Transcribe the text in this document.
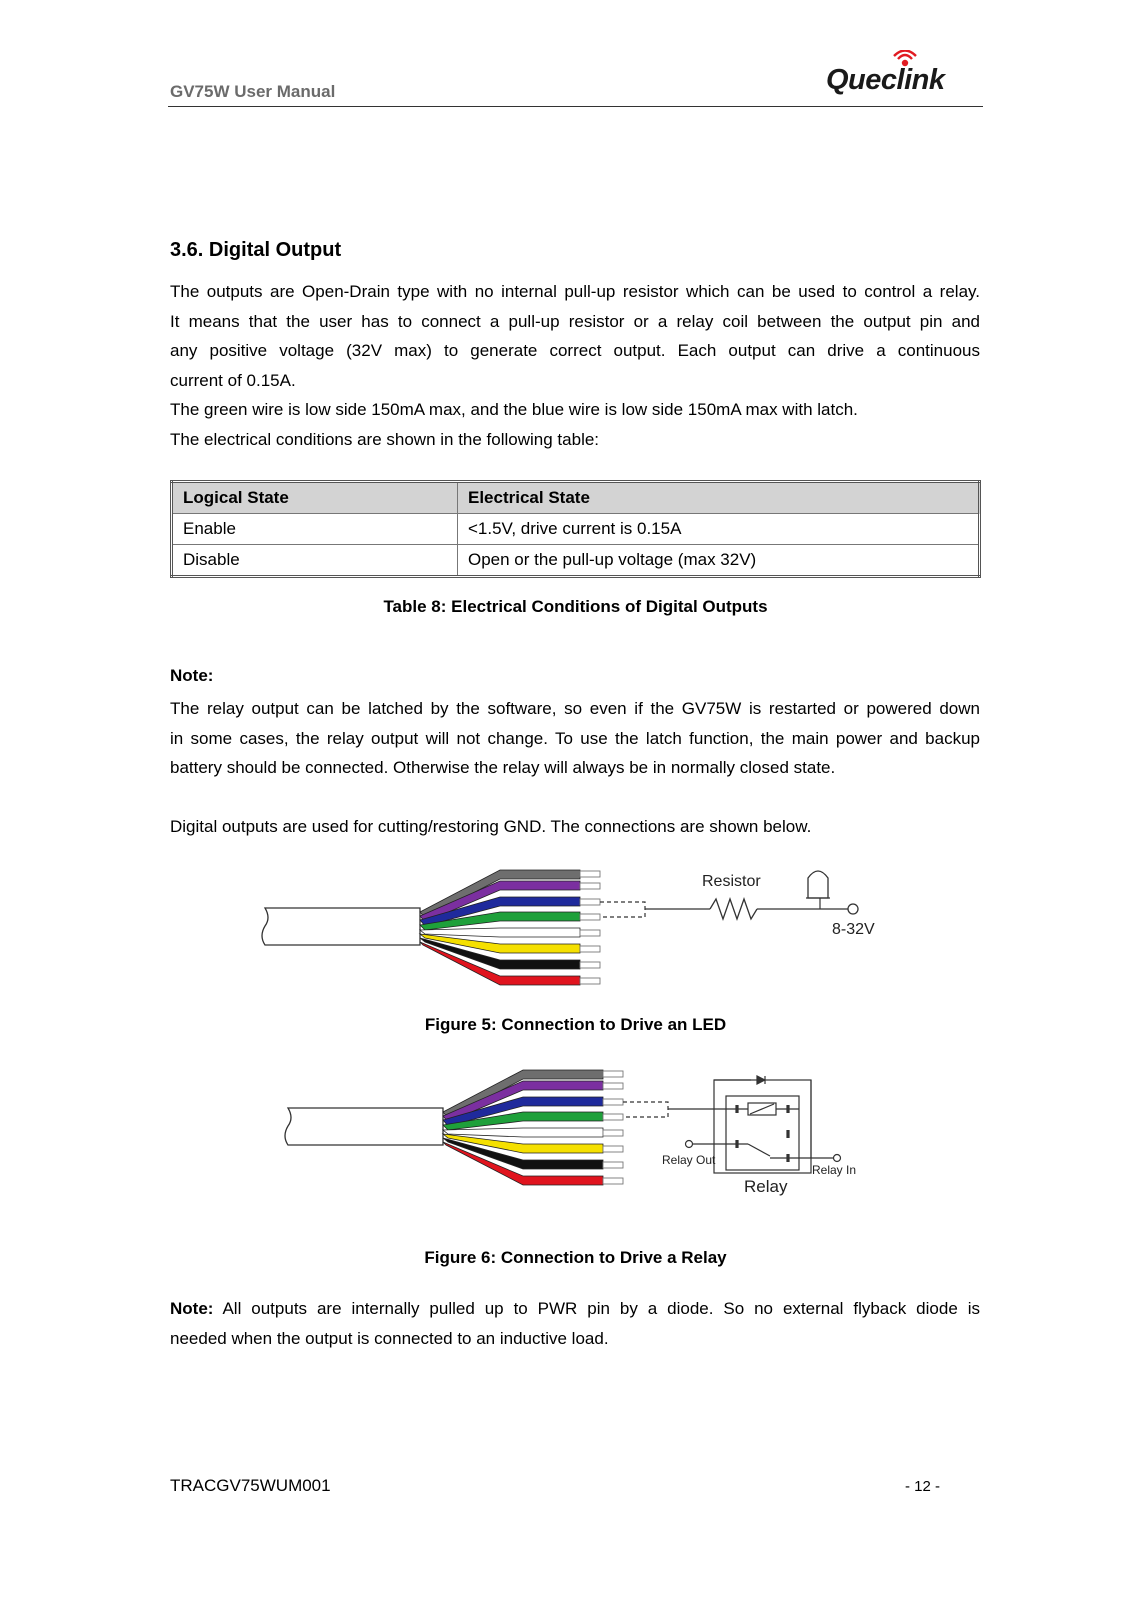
GV75W User Manual	Queclink
3.6. Digital Output
The outputs are Open-Drain type with no internal pull-up resistor which can be used to control a relay.
It means that the user has to connect a pull-up resistor or a relay coil between the output pin and
any positive voltage (32V max) to generate correct output. Each output can drive a continuous
current of 0.15A.
The green wire is low side 150mA max, and the blue wire is low side 150mA max with latch.
The electrical conditions are shown in the following table:
Logical State	Electrical State
Enable	<1.5V, drive current is 0.15A
Disable	Open or the pull-up voltage (max 32V)
Table 8: Electrical Conditions of Digital Outputs
Note:
The relay output can be latched by the software, so even if the GV75W is restarted or powered down
in some cases, the relay output will not change. To use the latch function, the main power and backup
battery should be connected. Otherwise the relay will always be in normally closed state.
Digital outputs are used for cutting/restoring GND. The connections are shown below.
Resistor
8-32V
Figure 5: Connection to Drive an LED
Relay Out
Relay In
Relay
Figure 6: Connection to Drive a Relay
Note: All outputs are internally pulled up to PWR pin by a diode. So no external flyback diode is
needed when the output is connected to an inductive load.
TRACGV75WUM001	- 12 -
